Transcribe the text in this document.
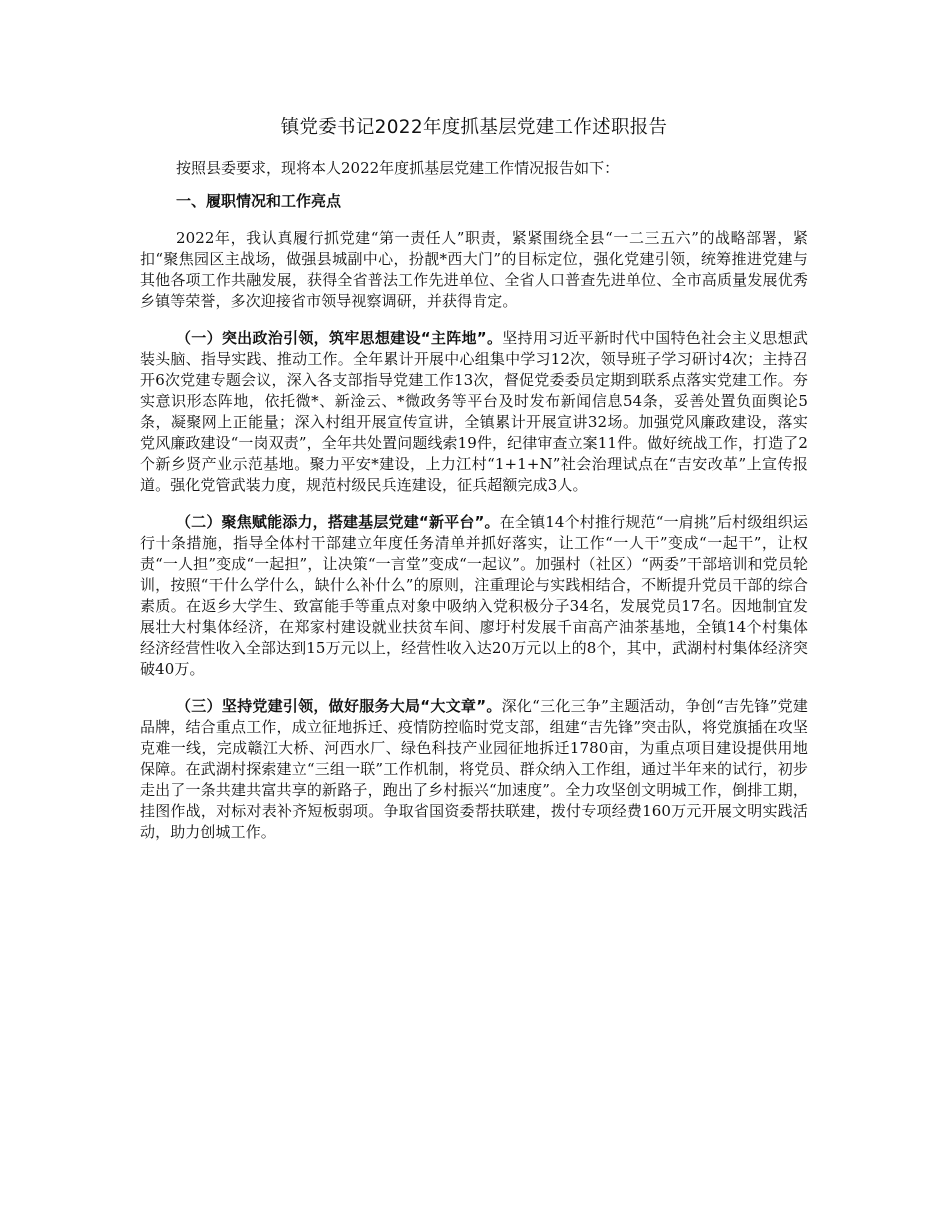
镇党委书记2022年度抓基层党建工作述职报告

按照县委要求，现将本人2022年度抓基层党建工作情况报告如下：

一、履职情况和工作亮点

2022年，我认真履行抓党建“第一责任人”职责，紧紧围绕全县“一二三五六”的战略部署，紧扣“聚焦园区主战场，做强县城副中心，扮靓*西大门”的目标定位，强化党建引领，统筹推进党建与其他各项工作共融发展，获得全省普法工作先进单位、全省人口普查先进单位、全市高质量发展优秀乡镇等荣誉，多次迎接省市领导视察调研，并获得肯定。

（一）突出政治引领，筑牢思想建设“主阵地”。坚持用习近平新时代中国特色社会主义思想武装头脑、指导实践、推动工作。全年累计开展中心组集中学习12次，领导班子学习研讨4次；主持召开6次党建专题会议，深入各支部指导党建工作13次，督促党委委员定期到联系点落实党建工作。夯实意识形态阵地，依托微*、新淦云、*微政务等平台及时发布新闻信息54条，妥善处置负面舆论5条，凝聚网上正能量；深入村组开展宣传宣讲，全镇累计开展宣讲32场。加强党风廉政建设，落实党风廉政建设“一岗双责”，全年共处置问题线索19件，纪律审查立案11件。做好统战工作，打造了2个新乡贤产业示范基地。聚力平安*建设，上力江村“1+1+N”社会治理试点在“吉安改革”上宣传报道。强化党管武装力度，规范村级民兵连建设，征兵超额完成3人。

（二）聚焦赋能添力，搭建基层党建“新平台”。在全镇14个村推行规范“一肩挑”后村级组织运行十条措施，指导全体村干部建立年度任务清单并抓好落实，让工作“一人干”变成“一起干”，让权责“一人担”变成“一起担”，让决策“一言堂”变成“一起议”。加强村（社区）“两委”干部培训和党员轮训，按照“干什么学什么，缺什么补什么”的原则，注重理论与实践相结合，不断提升党员干部的综合素质。在返乡大学生、致富能手等重点对象中吸纳入党积极分子34名，发展党员17名。因地制宜发展壮大村集体经济，在郑家村建设就业扶贫车间、廖圩村发展千亩高产油茶基地，全镇14个村集体经济经营性收入全部达到15万元以上，经营性收入达20万元以上的8个，其中，武湖村村集体经济突破40万。

（三）坚持党建引领，做好服务大局“大文章”。深化“三化三争”主题活动，争创“吉先锋”党建品牌，结合重点工作，成立征地拆迁、疫情防控临时党支部，组建“吉先锋”突击队，将党旗插在攻坚克难一线，完成赣江大桥、河西水厂、绿色科技产业园征地拆迁1780亩，为重点项目建设提供用地保障。在武湖村探索建立“三组一联”工作机制，将党员、群众纳入工作组，通过半年来的试行，初步走出了一条共建共富共享的新路子，跑出了乡村振兴“加速度”。全力攻坚创文明城工作，倒排工期，挂图作战，对标对表补齐短板弱项。争取省国资委帮扶联建，拨付专项经费160万元开展文明实践活动，助力创城工作。
